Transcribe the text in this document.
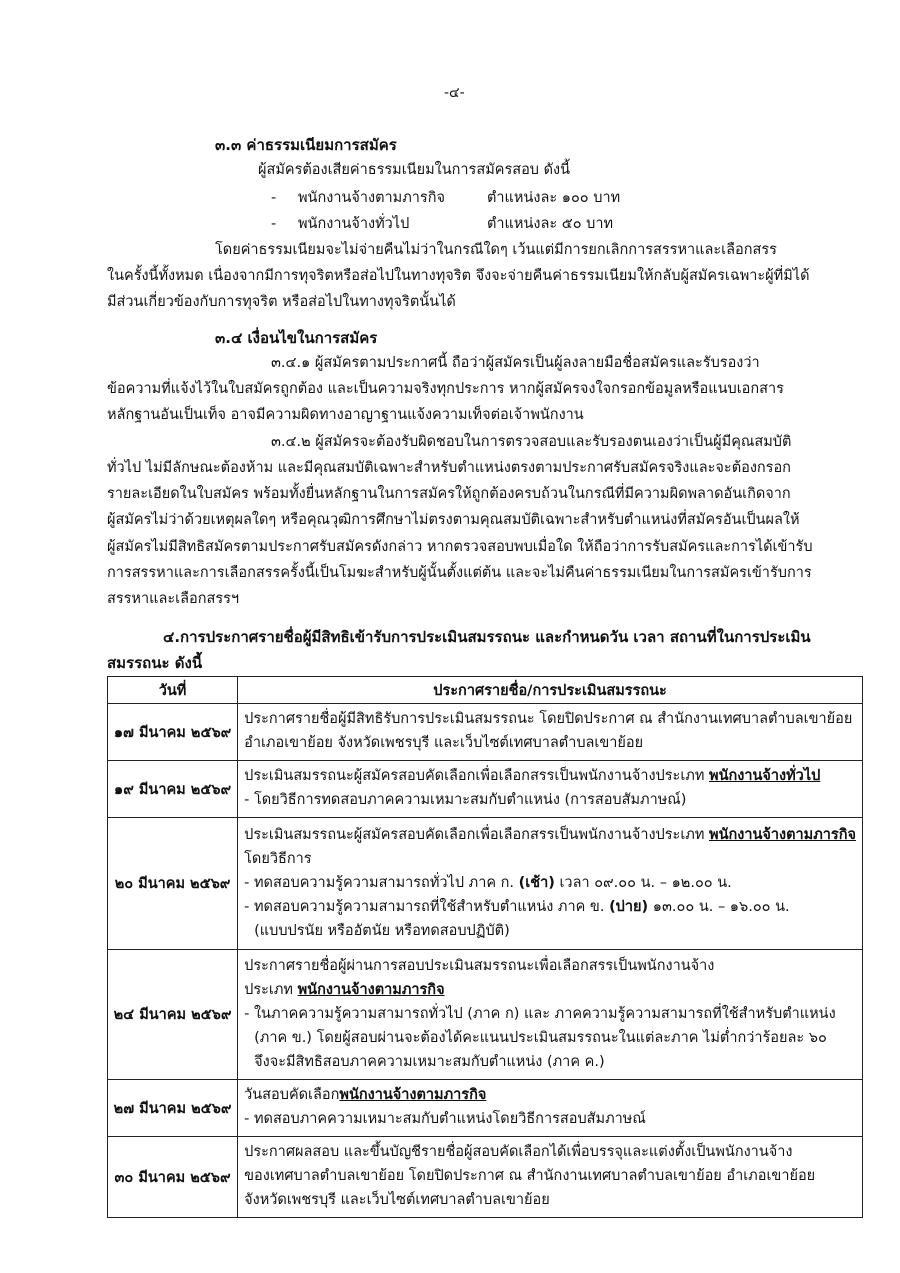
-๔-
๓.๓ ค่าธรรมเนียมการสมัคร
ผู้สมัครต้องเสียค่าธรรมเนียมในการสมัครสอบ ดังนี้
- พนักงานจ้างตามภารกิจ	ตำแหน่งละ ๑๐๐ บาท
- พนักงานจ้างทั่วไป	ตำแหน่งละ ๕๐ บาท
โดยค่าธรรมเนียมจะไม่จ่ายคืนไม่ว่าในกรณีใดๆ เว้นแต่มีการยกเลิกการสรรหาและเลือกสรร
ในครั้งนี้ทั้งหมด เนื่องจากมีการทุจริตหรือส่อไปในทางทุจริต จึงจะจ่ายคืนค่าธรรมเนียมให้กลับผู้สมัครเฉพาะผู้ที่มิได้
มีส่วนเกี่ยวข้องกับการทุจริต หรือส่อไปในทางทุจริตนั้นได้
๓.๔ เงื่อนไขในการสมัคร
๓.๔.๑ ผู้สมัครตามประกาศนี้ ถือว่าผู้สมัครเป็นผู้ลงลายมือชื่อสมัครและรับรองว่า
ข้อความที่แจ้งไว้ในใบสมัครถูกต้อง และเป็นความจริงทุกประการ หากผู้สมัครจงใจกรอกข้อมูลหรือแนบเอกสาร
หลักฐานอันเป็นเท็จ อาจมีความผิดทางอาญาฐานแจ้งความเท็จต่อเจ้าพนักงาน
๓.๔.๒ ผู้สมัครจะต้องรับผิดชอบในการตรวจสอบและรับรองตนเองว่าเป็นผู้มีคุณสมบัติ
ทั่วไป ไม่มีลักษณะต้องห้าม และมีคุณสมบัติเฉพาะสำหรับตำแหน่งตรงตามประกาศรับสมัครจริงและจะต้องกรอก
รายละเอียดในใบสมัคร พร้อมทั้งยื่นหลักฐานในการสมัครให้ถูกต้องครบถ้วนในกรณีที่มีความผิดพลาดอันเกิดจาก
ผู้สมัครไม่ว่าด้วยเหตุผลใดๆ หรือคุณวุฒิการศึกษาไม่ตรงตามคุณสมบัติเฉพาะสำหรับตำแหน่งที่สมัครอันเป็นผลให้
ผู้สมัครไม่มีสิทธิสมัครตามประกาศรับสมัครดังกล่าว หากตรวจสอบพบเมื่อใด ให้ถือว่าการรับสมัครและการได้เข้ารับ
การสรรหาและการเลือกสรรครั้งนี้เป็นโมฆะสำหรับผู้นั้นตั้งแต่ต้น และจะไม่คืนค่าธรรมเนียมในการสมัครเข้ารับการ
สรรหาและเลือกสรรฯ
๔.การประกาศรายชื่อผู้มีสิทธิเข้ารับการประเมินสมรรถนะ และกำหนดวัน เวลา สถานที่ในการประเมิน
สมรรถนะ ดังนี้
วันที่	ประกาศรายชื่อ/การประเมินสมรรถนะ
๑๗ มีนาคม ๒๕๖๙	ประกาศรายชื่อผู้มีสิทธิรับการประเมินสมรรถนะ โดยปิดประกาศ ณ สำนักงานเทศบาลตำบลเขาย้อย
อำเภอเขาย้อย จังหวัดเพชรบุรี และเว็บไซต์เทศบาลตำบลเขาย้อย

๑๙ มีนาคม ๒๕๖๙	ประเมินสมรรถนะผู้สมัครสอบคัดเลือกเพื่อเลือกสรรเป็นพนักงานจ้างประเภท พนักงานจ้างทั่วไป
- โดยวิธีการทดสอบภาคความเหมาะสมกับตำแหน่ง (การสอบสัมภาษณ์)

๒๐ มีนาคม ๒๕๖๙	ประเมินสมรรถนะผู้สมัครสอบคัดเลือกเพื่อเลือกสรรเป็นพนักงานจ้างประเภท พนักงานจ้างตามภารกิจ
โดยวิธีการ
- ทดสอบความรู้ความสามารถทั่วไป ภาค ก. (เช้า) เวลา ๐๙.๐๐ น. – ๑๒.๐๐ น.
- ทดสอบความรู้ความสามารถที่ใช้สำหรับตำแหน่ง ภาค ข. (บ่าย) ๑๓.๐๐ น. – ๑๖.๐๐ น.
(แบบปรนัย หรืออัตนัย หรือทดสอบปฏิบัติ)

๒๔ มีนาคม ๒๕๖๙	ประกาศรายชื่อผู้ผ่านการสอบประเมินสมรรถนะเพื่อเลือกสรรเป็นพนักงานจ้าง
ประเภท พนักงานจ้างตามภารกิจ
- ในภาคความรู้ความสามารถทั่วไป (ภาค ก) และ ภาคความรู้ความสามารถที่ใช้สำหรับตำแหน่ง
(ภาค ข.) โดยผู้สอบผ่านจะต้องได้คะแนนประเมินสมรรถนะในแต่ละภาค ไม่ต่ำกว่าร้อยละ ๖๐
จึงจะมีสิทธิสอบภาคความเหมาะสมกับตำแหน่ง (ภาค ค.)

๒๗ มีนาคม ๒๕๖๙	วันสอบคัดเลือกพนักงานจ้างตามภารกิจ
- ทดสอบภาคความเหมาะสมกับตำแหน่งโดยวิธีการสอบสัมภาษณ์

๓๐ มีนาคม ๒๕๖๙	ประกาศผลสอบ และขึ้นบัญชีรายชื่อผู้สอบคัดเลือกได้เพื่อบรรจุและแต่งตั้งเป็นพนักงานจ้าง
ของเทศบาลตำบลเขาย้อย โดยปิดประกาศ ณ สำนักงานเทศบาลตำบลเขาย้อย อำเภอเขาย้อย
จังหวัดเพชรบุรี และเว็บไซต์เทศบาลตำบลเขาย้อย
